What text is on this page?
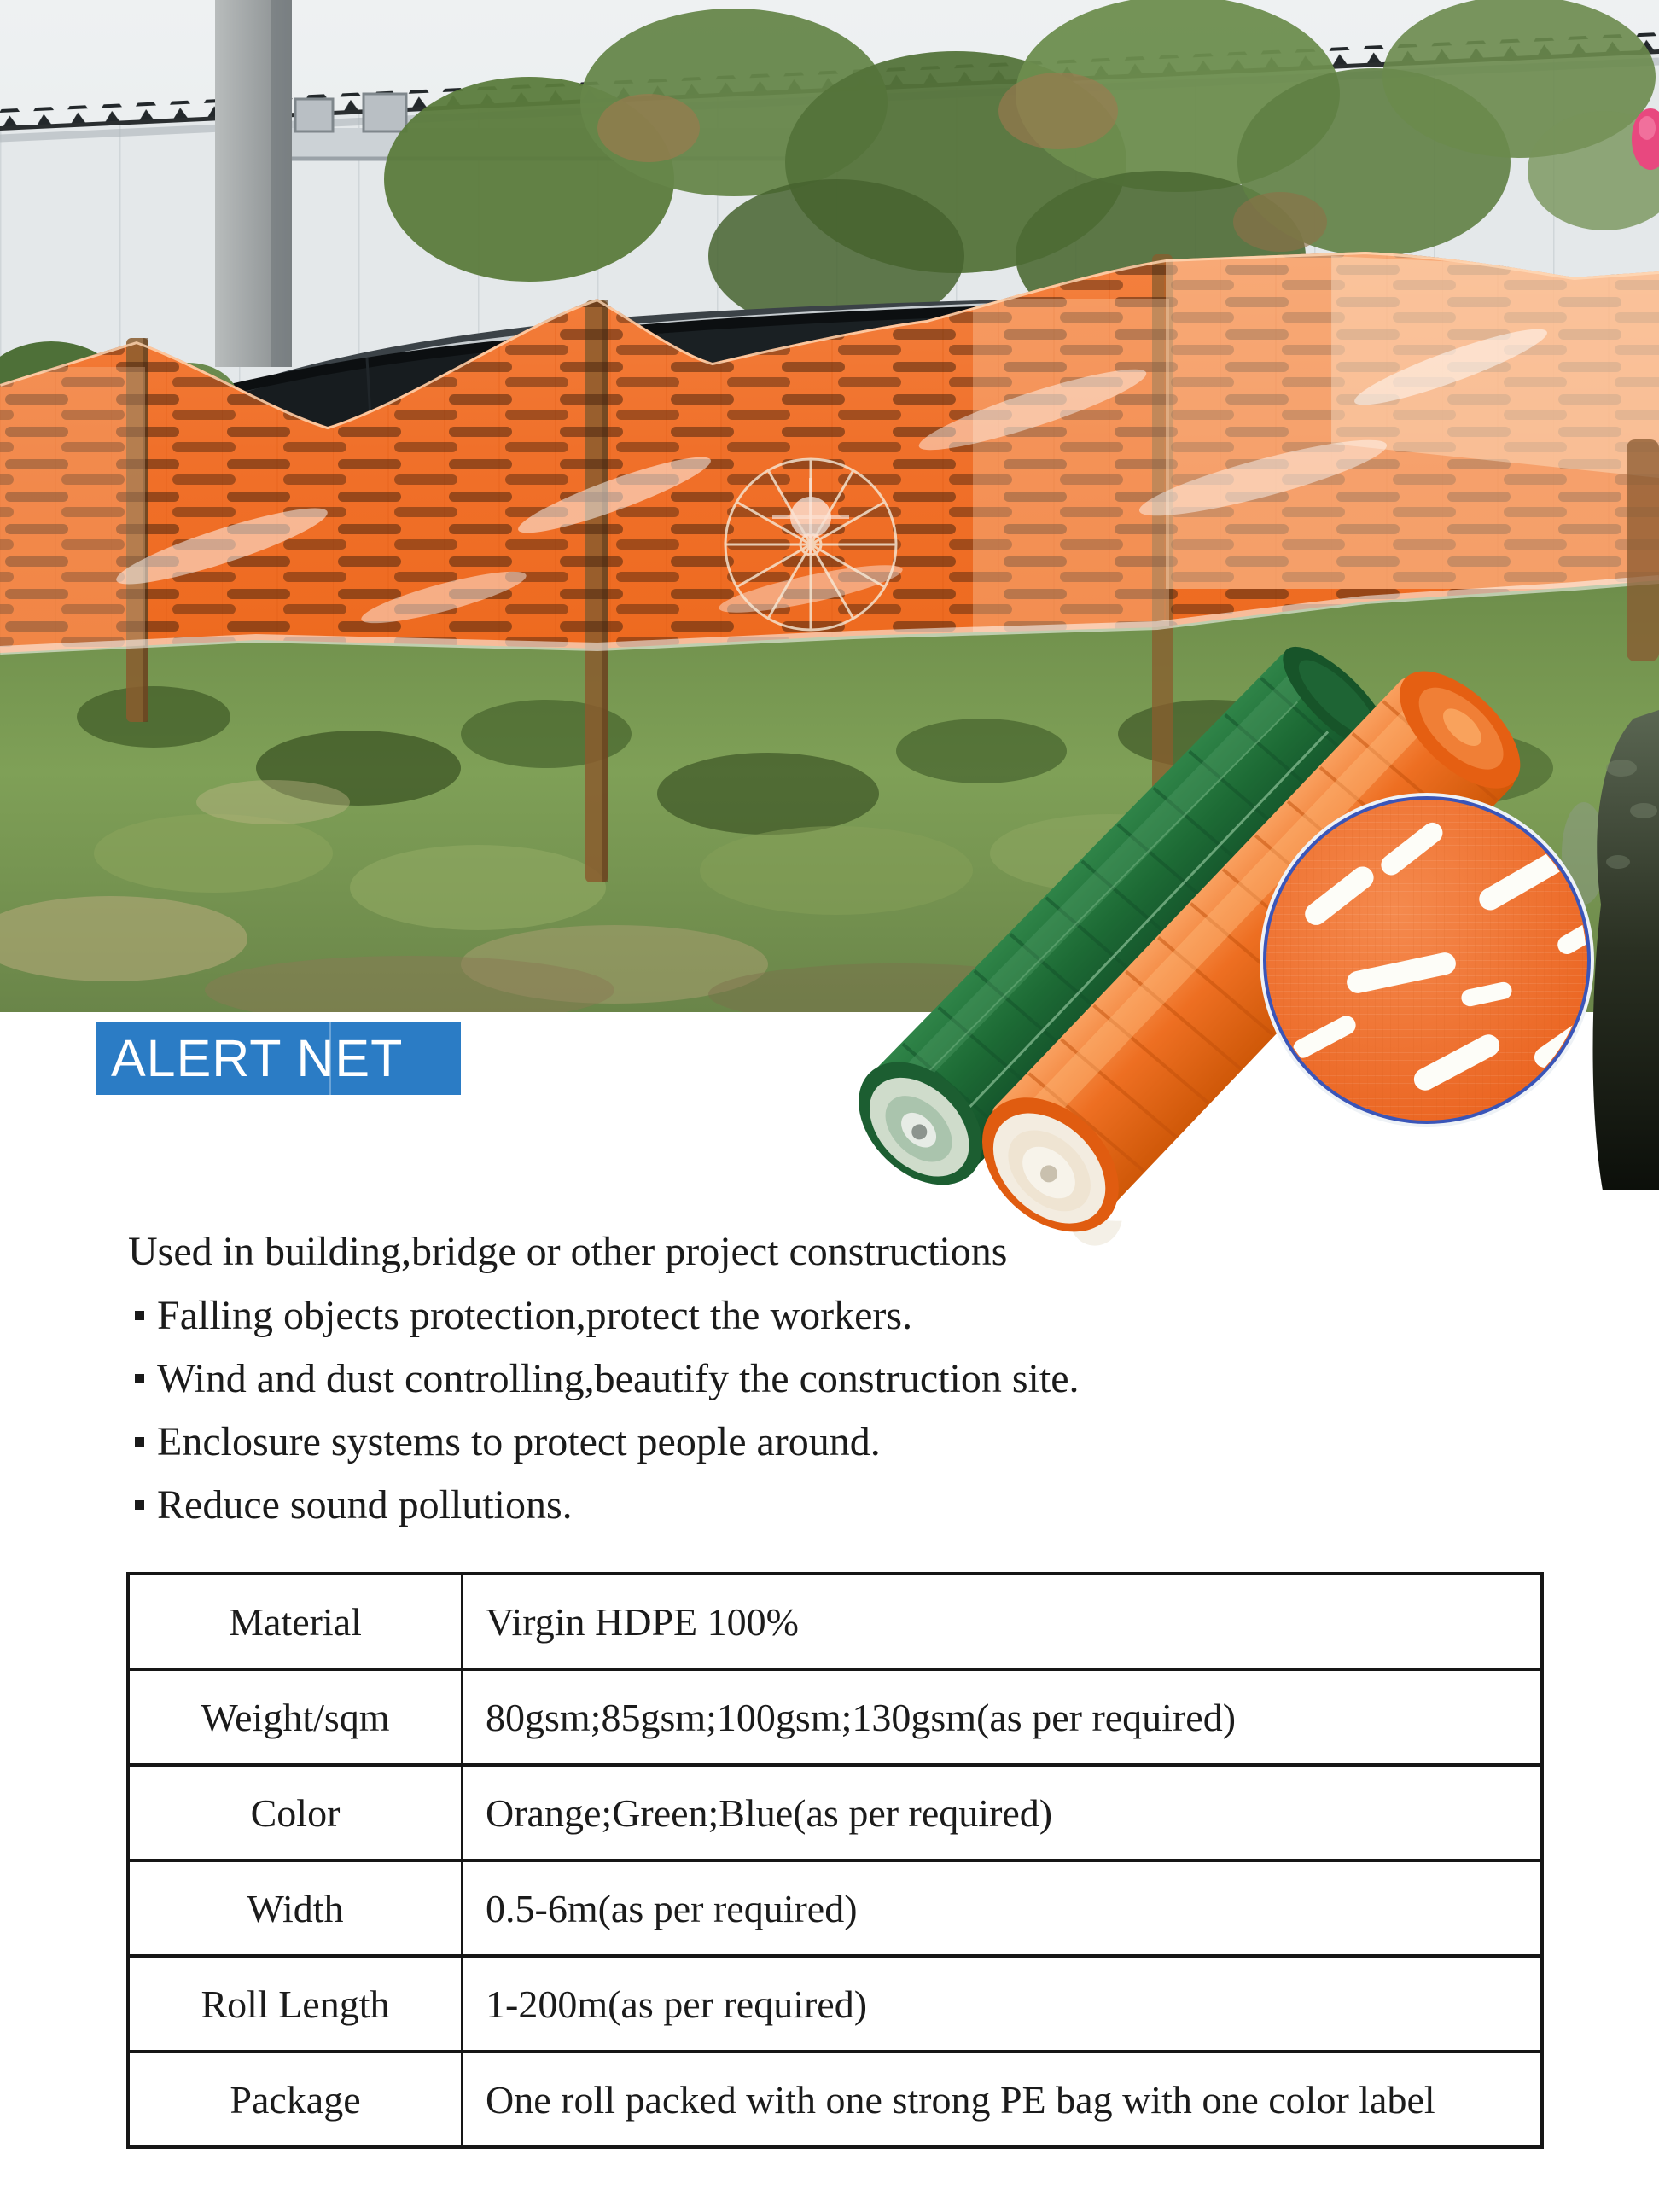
ALERT NET
Used in building,bridge or other project constructions
Falling objects protection,protect the workers.
Wind and dust controlling,beautify the construction site.
Enclosure systems to protect people around.
Reduce sound pollutions.
Material	Virgin HDPE 100%
Weight/sqm	80gsm;85gsm;100gsm;130gsm(as per required)
Color	Orange;Green;Blue(as per required)
Width	0.5-6m(as per required)
Roll Length	1-200m(as per required)
Package	One roll packed with one strong PE bag with one color label
